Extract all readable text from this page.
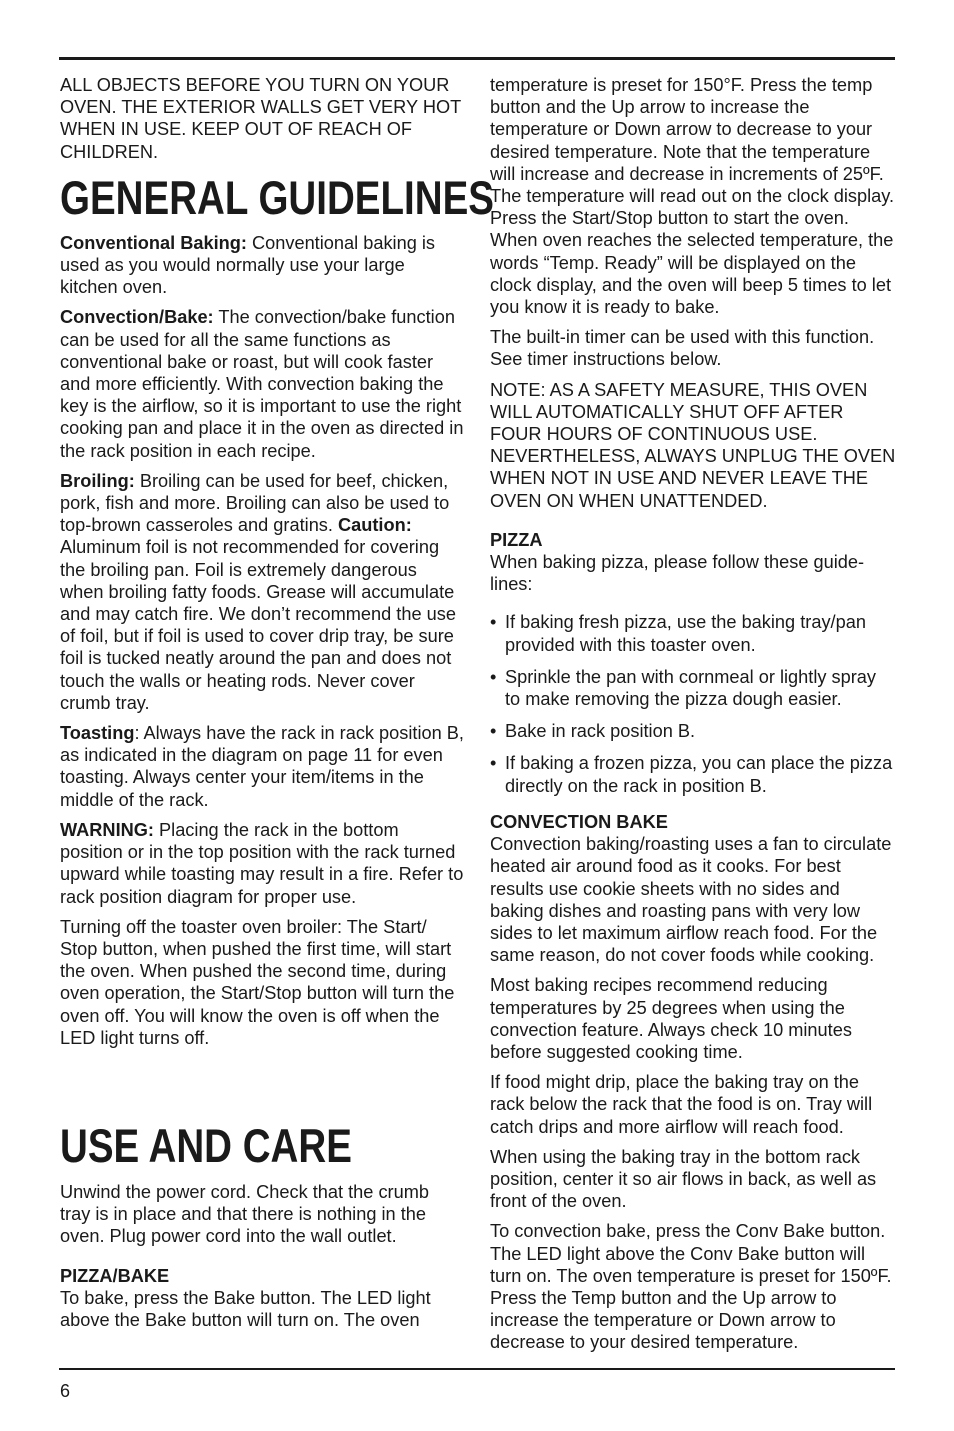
ALL OBJECTS BEFORE YOU TURN ON YOUR OVEN. THE EXTERIOR WALLS GET VERY HOT WHEN IN USE. KEEP OUT OF REACH OF CHILDREN.

GENERAL GUIDELINES

Conventional Baking: Conventional baking is used as you would normally use your large kitchen oven.

Convection/Bake: The convection/bake function can be used for all the same functions as conventional bake or roast, but will cook faster and more efficiently. With convection baking the key is the airflow, so it is important to use the right cooking pan and place it in the oven as directed in the rack position in each recipe.

Broiling: Broiling can be used for beef, chicken, pork, fish and more. Broiling can also be used to top-brown casseroles and gratins. Caution: Aluminum foil is not recommended for covering the broiling pan. Foil is extremely dangerous when broiling fatty foods. Grease will accumulate and may catch fire. We don’t recommend the use of foil, but if foil is used to cover drip tray, be sure foil is tucked neatly around the pan and does not touch the walls or heating rods. Never cover crumb tray.

Toasting: Always have the rack in rack position B, as indicated in the diagram on page 11 for even toasting. Always center your item/items in the middle of the rack.

WARNING: Placing the rack in the bottom position or in the top position with the rack turned upward while toasting may result in a fire. Refer to rack position diagram for proper use.

Turning off the toaster oven broiler: The Start/ Stop button, when pushed the first time, will start the oven. When pushed the second time, during oven operation, the Start/Stop button will turn the oven off. You will know the oven is off when the LED light turns off.

USE AND CARE

Unwind the power cord. Check that the crumb tray is in place and that there is nothing in the oven. Plug power cord into the wall outlet.

PIZZA/BAKE

To bake, press the Bake button. The LED light above the Bake button will turn on. The oven

temperature is preset for 150°F. Press the temp button and the Up arrow to increase the temperature or Down arrow to decrease to your desired temperature. Note that the temperature will increase and decrease in increments of 25ºF. The temperature will read out on the clock display. Press the Start/Stop button to start the oven. When oven reaches the selected temperature, the words “Temp. Ready” will be displayed on the clock display, and the oven will beep 5 times to let you know it is ready to bake.

The built-in timer can be used with this function. See timer instructions below.

NOTE: AS A SAFETY MEASURE, THIS OVEN WILL AUTOMATICALLY SHUT OFF AFTER FOUR HOURS OF CONTINUOUS USE. NEVERTHELESS, ALWAYS UNPLUG THE OVEN WHEN NOT IN USE AND NEVER LEAVE THE OVEN ON WHEN UNATTENDED.

PIZZA

When baking pizza, please follow these guide-lines:

• If baking fresh pizza, use the baking tray/pan provided with this toaster oven.
• Sprinkle the pan with cornmeal or lightly spray to make removing the pizza dough easier.
• Bake in rack position B.
• If baking a frozen pizza, you can place the pizza directly on the rack in position B.
CONVECTION BAKE

Convection baking/roasting uses a fan to circulate heated air around food as it cooks. For best results use cookie sheets with no sides and baking dishes and roasting pans with very low sides to let maximum airflow reach food. For the same reason, do not cover foods while cooking.

Most baking recipes recommend reducing temperatures by 25 degrees when using the convection feature. Always check 10 minutes before suggested cooking time.

If food might drip, place the baking tray on the rack below the rack that the food is on. Tray will catch drips and more airflow will reach food.

When using the baking tray in the bottom rack position, center it so air flows in back, as well as front of the oven.

To convection bake, press the Conv Bake button. The LED light above the Conv Bake button will turn on. The oven temperature is preset for 150ºF. Press the Temp button and the Up arrow to increase the temperature or Down arrow to decrease to your desired temperature.

6
